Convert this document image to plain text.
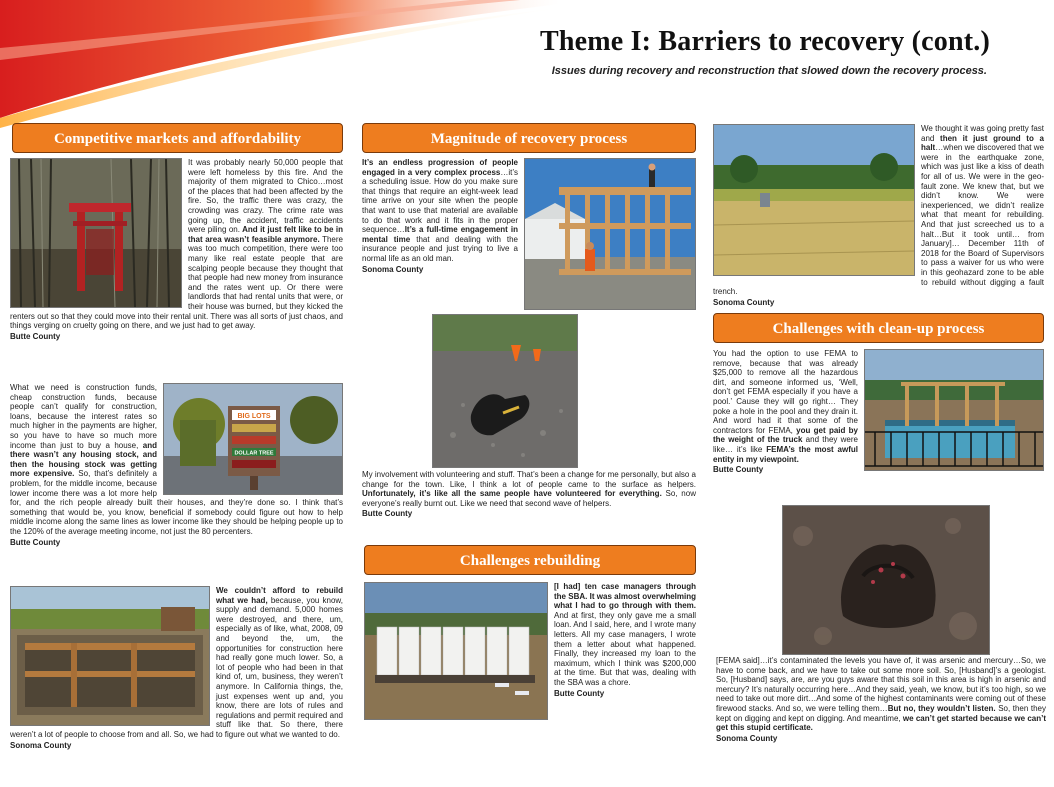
Theme I: Barriers to recovery (cont.)

Issues during recovery and reconstruction that slowed down the recovery process.

Competitive markets and affordability

It was probably nearly 50,000 people that were left homeless by this fire. And the majority of them migrated to Chico…most of the places that had been affected by the fire. So, the traffic there was crazy, the crowding was crazy. The crime rate was going up, the accident, traffic accidents were piling on. And it just felt like to be in that area wasn’t feasible anymore. There was too much competition, there were too many like real estate people that are scalping people because they thought that that people had new money from insurance and the rates went up. Or there were landlords that had rental units that were, or their house was burned, but they kicked the renters out so that they could move into their rental unit. There was all sorts of just chaos, and things verging on cruelty going on there, and we just had to get away.

Butte County

BIG LOTS
DOLLAR TREE

What we need is construction funds, cheap construction funds, because people can’t qualify for construction, loans, because the interest rates so much higher in the payments are higher, so you have to have so much more income than just to buy a house, and there wasn’t any housing stock, and then the housing stock was getting more expensive. So, that’s definitely a problem, for the middle income, because lower income there was a lot more help for, and the rich people already built their houses, and they’re done so. I think that’s something that would be, you know, beneficial if somebody could figure out how to help middle income along the same lines as lower income like they should be helping people up to the 120% of the average meeting income, not just the 80 percenters.

Butte County

We couldn’t afford to rebuild what we had, because, you know, supply and demand. 5,000 homes were destroyed, and there, um, especially as of like, what, 2008, 09 and beyond the, um, the opportunities for construction here had really gone much lower. So, a lot of people who had been in that kind of, um, business, they weren’t anymore. In California things, the, just expenses went up and, you know, there are lots of rules and regulations and permit required and stuff like that. So there, there weren’t a lot of people to choose from and all. So, we had to figure out what we wanted to do.

Sonoma County

Magnitude of recovery process

It’s an endless progression of people engaged in a very complex process…it’s a scheduling issue. How do you make sure that things that require an eight-week lead time arrive on your site when the people that want to use that material are available to do that work and it fits in the proper sequence…It’s a full-time engagement in mental time that and dealing with the insurance people and just trying to live a normal life as an old man.

Sonoma County

My involvement with volunteering and stuff. That’s been a change for me personally, but also a change for the town. Like, I think a lot of people came to the surface as helpers. Unfortunately, it’s like all the same people have volunteered for everything. So, now everyone’s really burnt out. Like we need that second wave of helpers.

Butte County

Challenges rebuilding

[I had] ten case managers through the SBA. It was almost overwhelming what I had to go through with them. And at first, they only gave me a small loan. And I said, here, and I wrote many letters. All my case managers, I wrote them a letter about what happened. Finally, they increased my loan to the maximum, which I think was $200,000 at the time. But that was, dealing with the SBA was a chore.

Butte County

We thought it was going pretty fast and then it just ground to a halt…when we discovered that we were in the earthquake zone, which was just like a kiss of death for all of us. We were in the geo-fault zone. We knew that, but we didn’t know. We were inexperienced, we didn’t realize what that meant for rebuilding. And that just screeched us to a halt…But it took until… from January]… December 11th of 2018 for the Board of Supervisors to pass a waiver for us who were in this geohazard zone to be able to rebuild without digging a fault trench.

Sonoma County

Challenges with clean-up process

You had the option to use FEMA to remove, because that was already $25,000 to remove all the hazardous dirt, and someone informed us, ‘Well, don’t get FEMA especially if you have a pool.’ Cause they will go right… They poke a hole in the pool and they drain it. And word had it that some of the contractors for FEMA, you get paid by the weight of the truck and they were like… it’s like FEMA’s the most awful entity in my viewpoint.

Butte County

[FEMA said]…it’s contaminated the levels you have of, it was arsenic and mercury…So, we have to come back, and we have to take out some more soil. So, [Husband]’s a geologist. So, [Husband] says, are, are you guys aware that this soil in this area is high in arsenic and mercury? It’s naturally occurring here…And they said, yeah, we know, but it’s too high, so we need to take out more dirt…And some of the highest contaminants were coming out of these firewood stacks. And so, we were telling them…But no, they wouldn’t listen. So, then they kept on digging and kept on digging. And meantime, we can’t get started because we can’t get this stupid certificate.

Sonoma County
